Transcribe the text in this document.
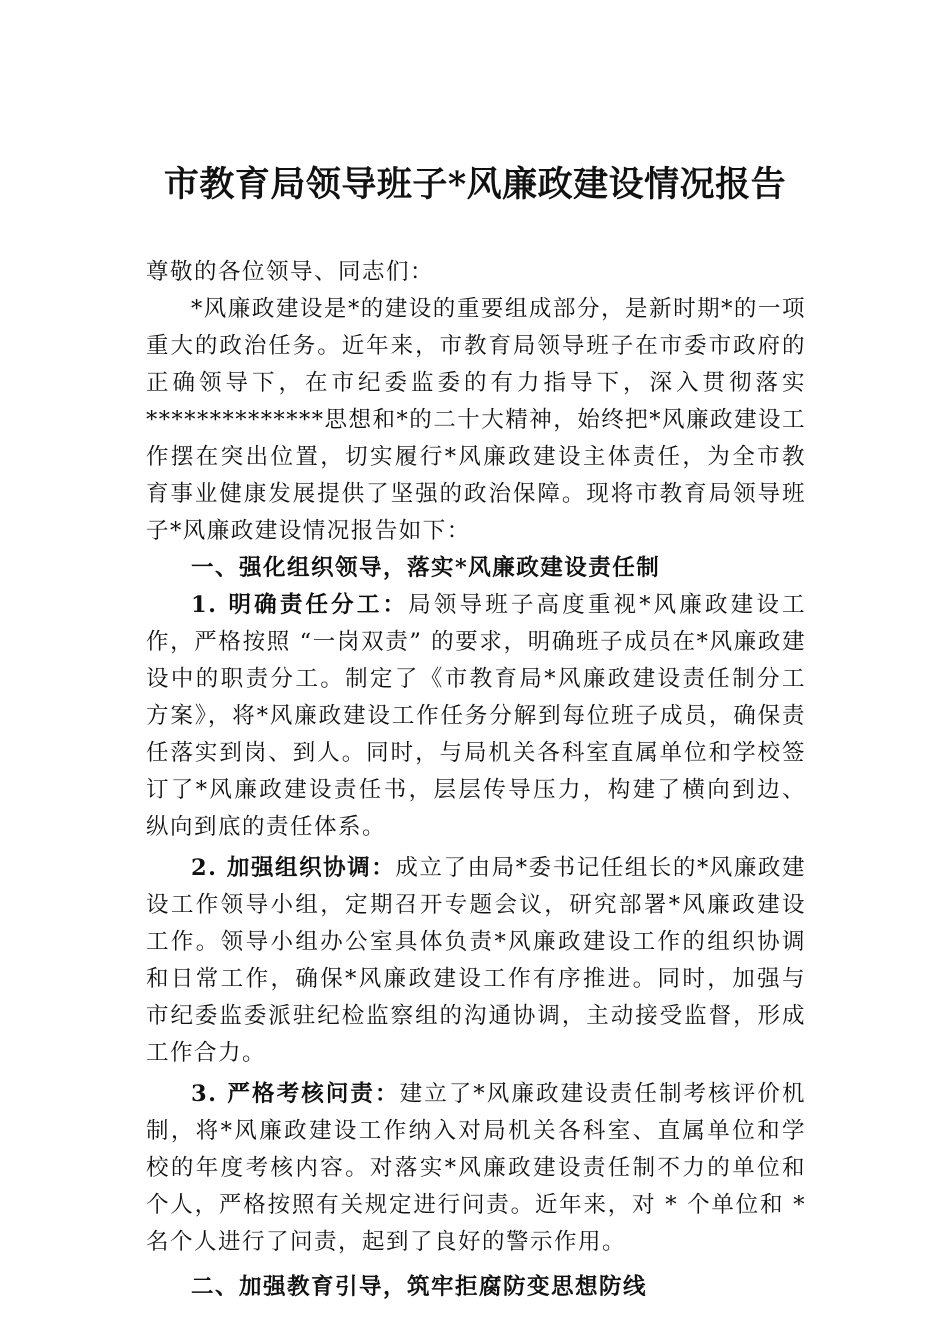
市教育局领导班子*风廉政建设情况报告

尊敬的各位领导、同志们：

*风廉政建设是*的建设的重要组成部分，是新时期*的一项重大的政治任务。近年来，市教育局领导班子在市委市政府的正确领导下，在市纪委监委的有力指导下，深入贯彻落实**************思想和*的二十大精神，始终把*风廉政建设工作摆在突出位置，切实履行*风廉政建设主体责任，为全市教育事业健康发展提供了坚强的政治保障。现将市教育局领导班子*风廉政建设情况报告如下：

一、强化组织领导，落实*风廉政建设责任制

1. 明确责任分工：局领导班子高度重视*风廉政建设工作，严格按照 “一岗双责” 的要求，明确班子成员在*风廉政建设中的职责分工。制定了《市教育局*风廉政建设责任制分工方案》，将*风廉政建设工作任务分解到每位班子成员，确保责任落实到岗、到人。同时，与局机关各科室直属单位和学校签订了*风廉政建设责任书，层层传导压力，构建了横向到边、纵向到底的责任体系。

2. 加强组织协调：成立了由局*委书记任组长的*风廉政建设工作领导小组，定期召开专题会议，研究部署*风廉政建设工作。领导小组办公室具体负责*风廉政建设工作的组织协调和日常工作，确保*风廉政建设工作有序推进。同时，加强与市纪委监委派驻纪检监察组的沟通协调，主动接受监督，形成工作合力。

3. 严格考核问责：建立了*风廉政建设责任制考核评价机制，将*风廉政建设工作纳入对局机关各科室、直属单位和学校的年度考核内容。对落实*风廉政建设责任制不力的单位和个人，严格按照有关规定进行问责。近年来，对 * 个单位和 * 名个人进行了问责，起到了良好的警示作用。

二、加强教育引导，筑牢拒腐防变思想防线
